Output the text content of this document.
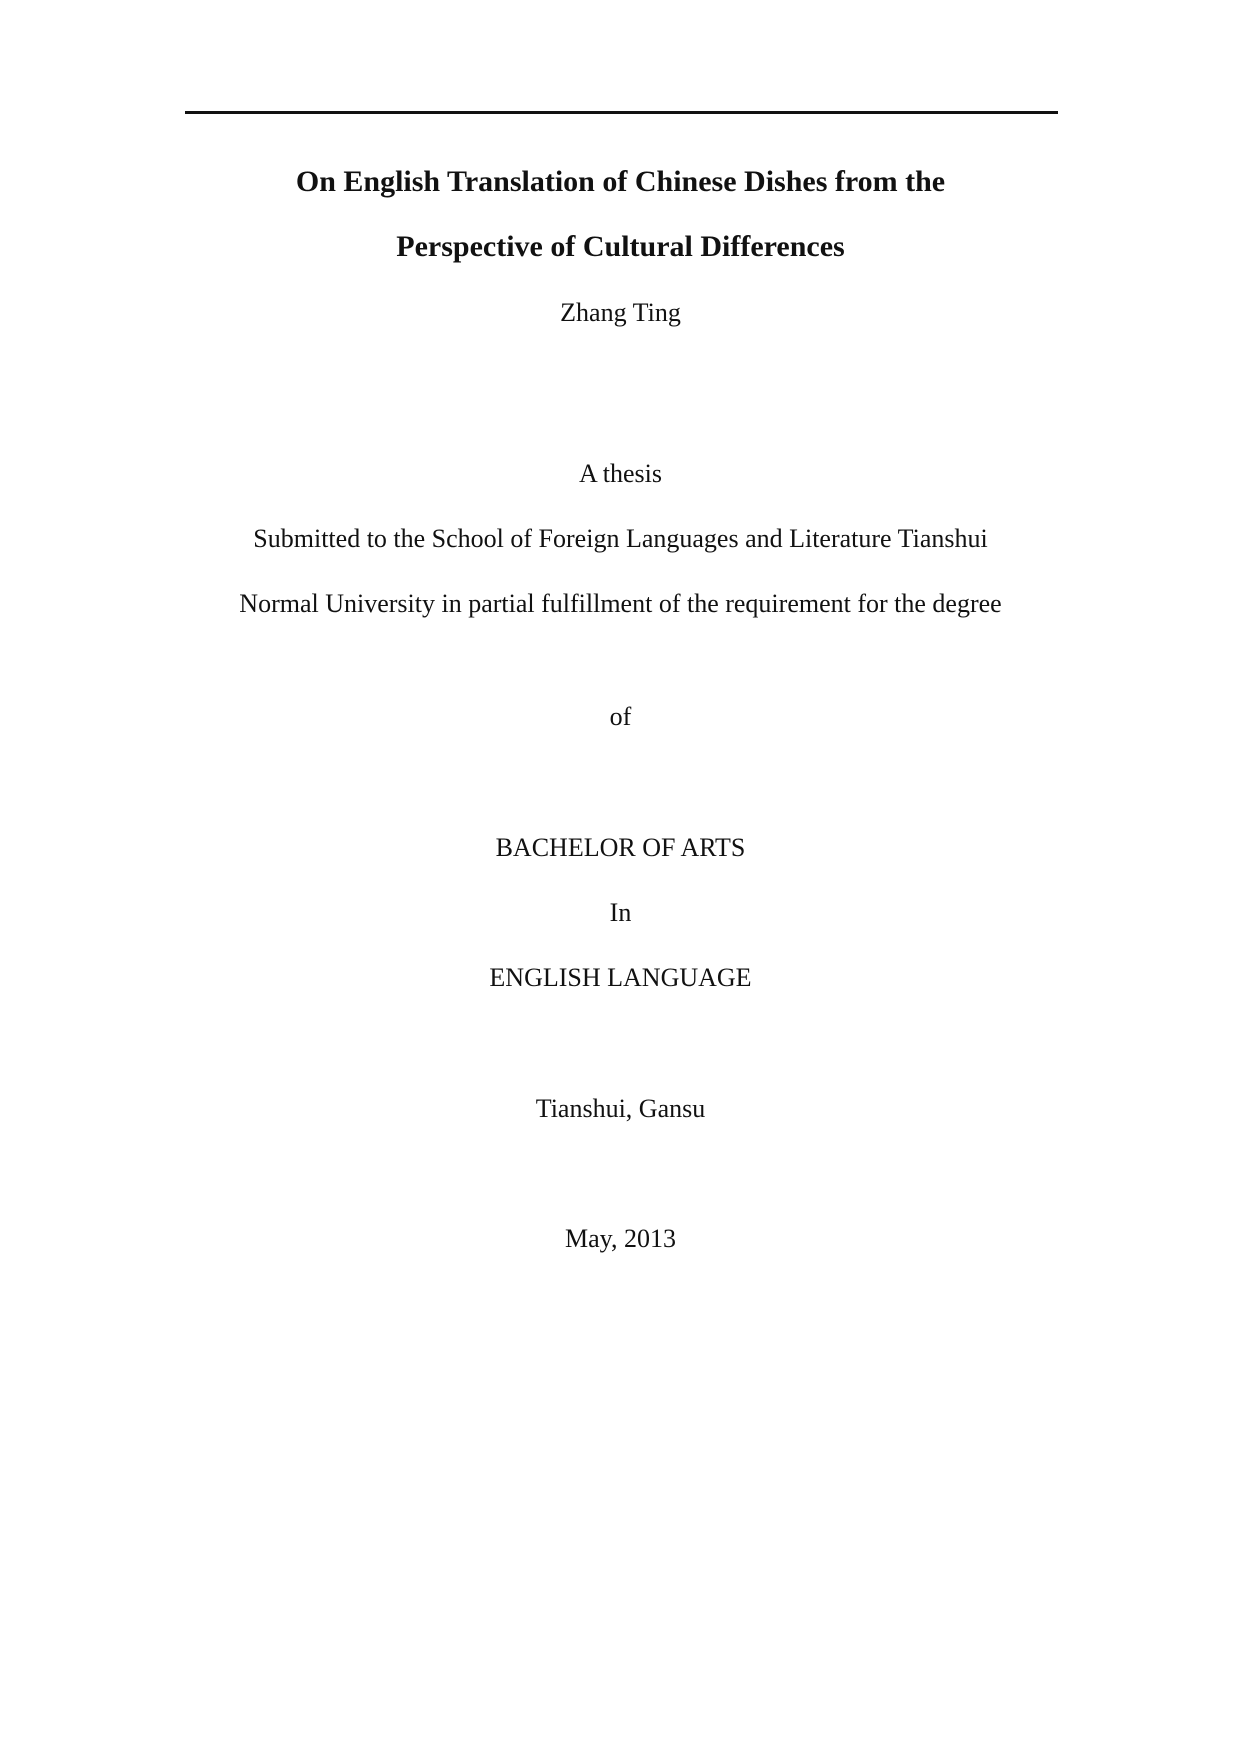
On English Translation of Chinese Dishes from the
Perspective of Cultural Differences
Zhang Ting
A thesis
Submitted to the School of Foreign Languages and Literature Tianshui
Normal University in partial fulfillment of the requirement for the degree
of
BACHELOR OF ARTS
In
ENGLISH LANGUAGE
Tianshui, Gansu
May, 2013
